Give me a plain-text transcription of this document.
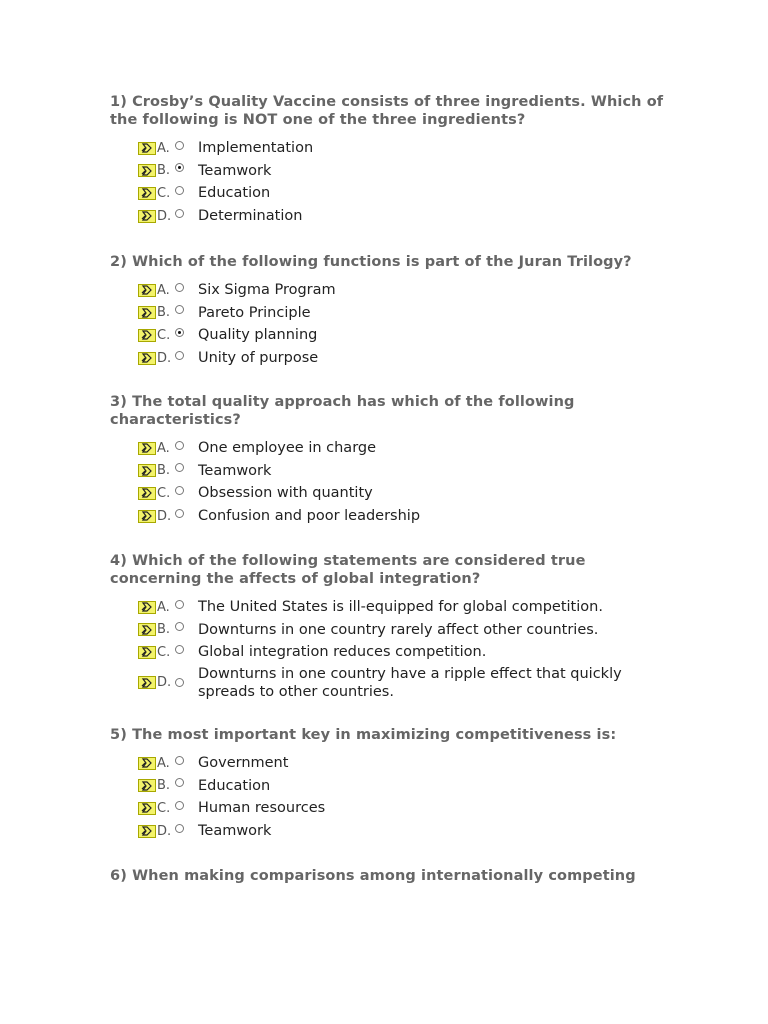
1) Crosby’s Quality Vaccine consists of three ingredients. Which of the following is NOT one of the three ingredients?
A.	Implementation
B.	Teamwork
C.	Education
D. Determination
2) Which of the following functions is part of the Juran Trilogy?
A.	Six Sigma Program
B.	Pareto Principle
C.	Quality planning
D. Unity of purpose
3) The total quality approach has which of the following characteristics?
A.	One employee in charge
B.	Teamwork
C.	Obsession with quantity
D. Confusion and poor leadership
4) Which of the following statements are considered true concerning the affects of global integration?
A.	The United States is ill-equipped for global competition.
B.	Downturns in one country rarely affect other countries.
C.	Global integration reduces competition.
D.
Downturns in one country have a ripple effect that quickly spreads to other countries.
5) The most important key in maximizing competitiveness is:
A.	Government
B.	Education
C.	Human resources
D. Teamwork
6) When making comparisons among internationally competing
